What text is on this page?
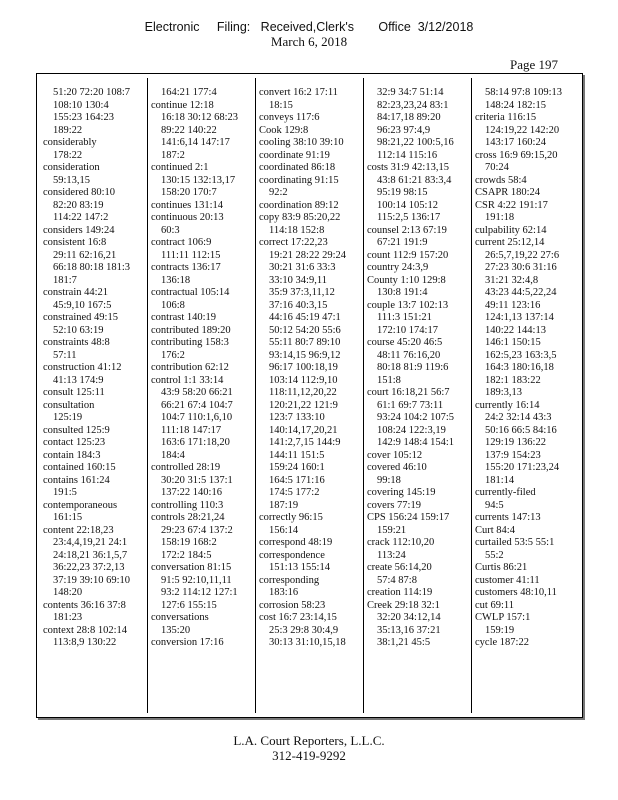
Electronic     Filing:   Received,Clerk's       Office  3/12/2018
March 6, 2018
Page 197
51:20 72:20 108:7
108:10 130:4
155:23 164:23
189:22
considerably
178:22
consideration
59:13,15
considered 80:10
82:20 83:19
114:22 147:2
considers 149:24
consistent 16:8
29:11 62:16,21
66:18 80:18 181:3
181:7
constrain 44:21
45:9,10 167:5
constrained 49:15
52:10 63:19
constraints 48:8
57:11
construction 41:12
41:13 174:9
consult 125:11
consultation
125:19
consulted 125:9
contact 125:23
contain 184:3
contained 160:15
contains 161:24
191:5
contemporaneous
161:15
content 22:18,23
23:4,4,19,21 24:1
24:18,21 36:1,5,7
36:22,23 37:2,13
37:19 39:10 69:10
148:20
contents 36:16 37:8
181:23
context 28:8 102:14
113:8,9 130:22
164:21 177:4
continue 12:18
16:18 30:12 68:23
89:22 140:22
141:6,14 147:17
187:2
continued 2:1
130:15 132:13,17
158:20 170:7
continues 131:14
continuous 20:13
60:3
contract 106:9
111:11 112:15
contracts 136:17
136:18
contractual 105:14
106:8
contrast 140:19
contributed 189:20
contributing 158:3
176:2
contribution 62:12
control 1:1 33:14
43:9 58:20 66:21
66:21 67:4 104:7
104:7 110:1,6,10
111:18 147:17
163:6 171:18,20
184:4
controlled 28:19
30:20 31:5 137:1
137:22 140:16
controlling 110:3
controls 28:21,24
29:23 67:4 137:2
158:19 168:2
172:2 184:5
conversation 81:15
91:5 92:10,11,11
93:2 114:12 127:1
127:6 155:15
conversations
135:20
conversion 17:16
convert 16:2 17:11
18:15
conveys 117:6
Cook 129:8
cooling 38:10 39:10
coordinate 91:19
coordinated 86:18
coordinating 91:15
92:2
coordination 89:12
copy 83:9 85:20,22
114:18 152:8
correct 17:22,23
19:21 28:22 29:24
30:21 31:6 33:3
33:10 34:9,11
35:9 37:3,11,12
37:16 40:3,15
44:16 45:19 47:1
50:12 54:20 55:6
55:11 80:7 89:10
93:14,15 96:9,12
96:17 100:18,19
103:14 112:9,10
118:11,12,20,22
120:21,22 121:9
123:7 133:10
140:14,17,20,21
141:2,7,15 144:9
144:11 151:5
159:24 160:1
164:5 171:16
174:5 177:2
187:19
correctly 96:15
156:14
correspond 48:19
correspondence
151:13 155:14
corresponding
183:16
corrosion 58:23
cost 16:7 23:14,15
25:3 29:8 30:4,9
30:13 31:10,15,18
32:9 34:7 51:14
82:23,23,24 83:1
84:17,18 89:20
96:23 97:4,9
98:21,22 100:5,16
112:14 115:16
costs 31:9 42:13,15
43:8 61:21 83:3,4
95:19 98:15
100:14 105:12
115:2,5 136:17
counsel 2:13 67:19
67:21 191:9
count 112:9 157:20
country 24:3,9
County 1:10 129:8
130:8 191:4
couple 13:7 102:13
111:3 151:21
172:10 174:17
course 45:20 46:5
48:11 76:16,20
80:18 81:9 119:6
151:8
court 16:18,21 56:7
61:1 69:7 73:11
93:24 104:2 107:5
108:24 122:3,19
142:9 148:4 154:1
cover 105:12
covered 46:10
99:18
covering 145:19
covers 77:19
CPS 156:24 159:17
159:21
crack 112:10,20
113:24
create 56:14,20
57:4 87:8
creation 114:19
Creek 29:18 32:1
32:20 34:12,14
35:13,16 37:21
38:1,21 45:5
58:14 97:8 109:13
148:24 182:15
criteria 116:15
124:19,22 142:20
143:17 160:24
cross 16:9 69:15,20
70:24
crowds 58:4
CSAPR 180:24
CSR 4:22 191:17
191:18
culpability 62:14
current 25:12,14
26:5,7,19,22 27:6
27:23 30:6 31:16
31:21 32:4,8
43:23 44:5,22,24
49:11 123:16
124:1,13 137:14
140:22 144:13
146:1 150:15
162:5,23 163:3,5
164:3 180:16,18
182:1 183:22
189:3,13
currently 16:14
24:2 32:14 43:3
50:16 66:5 84:16
129:19 136:22
137:9 154:23
155:20 171:23,24
181:14
currently-filed
94:5
currents 147:13
Curt 84:4
curtailed 53:5 55:1
55:2
Curtis 86:21
customer 41:11
customers 48:10,11
cut 69:11
CWLP 157:1
159:19
cycle 187:22
L.A. Court Reporters, L.L.C.
312-419-9292
